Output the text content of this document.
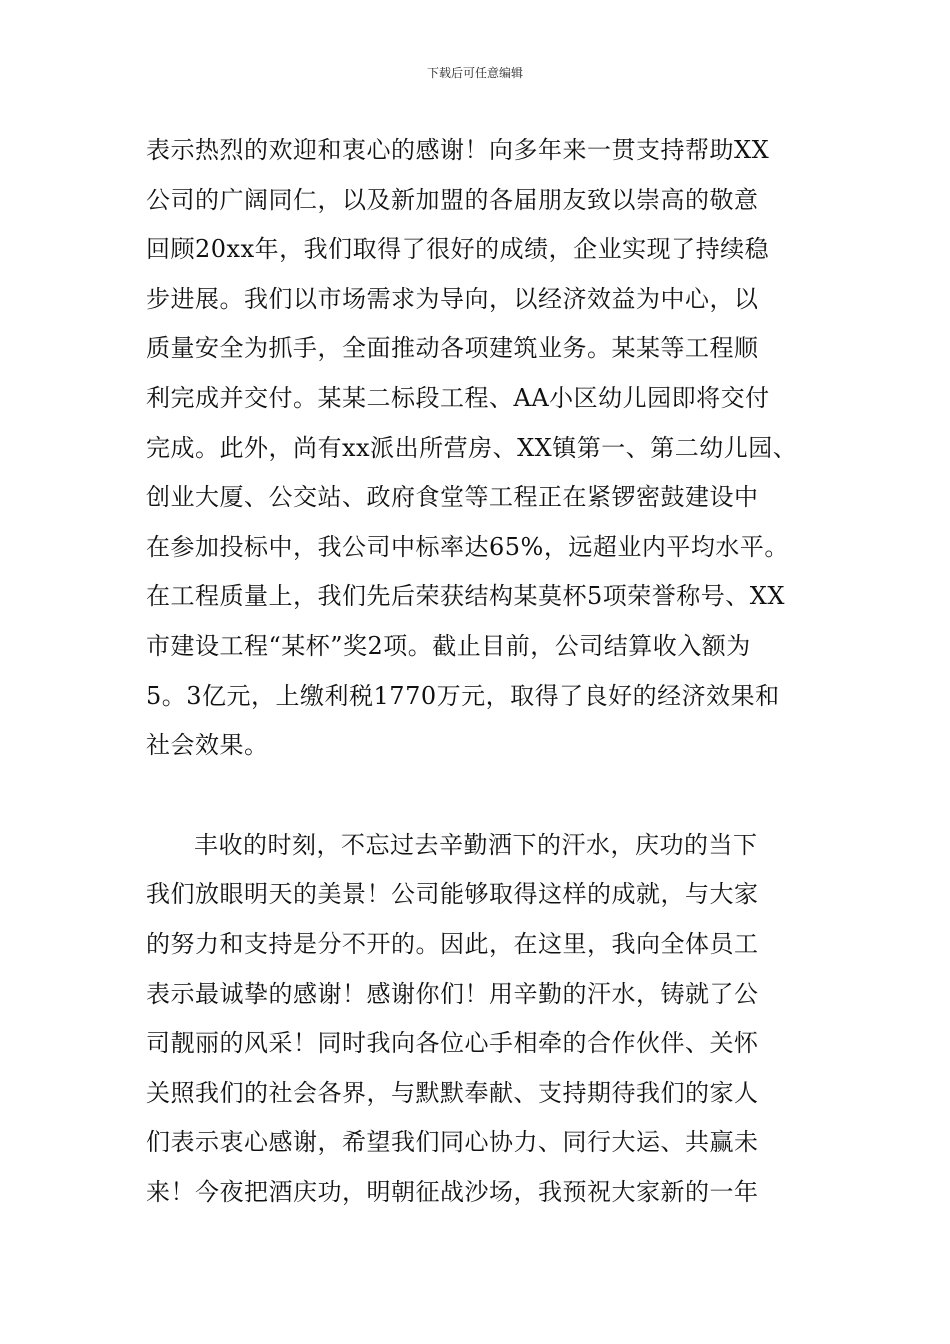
下载后可任意编辑
表示热烈的欢迎和衷心的感谢！向多年来一贯支持帮助XX
公司的广阔同仁，以及新加盟的各届朋友致以崇高的敬意
回顾20xx年，我们取得了很好的成绩，企业实现了持续稳
步进展。我们以市场需求为导向，以经济效益为中心，以
质量安全为抓手，全面推动各项建筑业务。某某等工程顺
利完成并交付。某某二标段工程、AA小区幼儿园即将交付
完成。此外，尚有xx派出所营房、XX镇第一、第二幼儿园、
创业大厦、公交站、政府食堂等工程正在紧锣密鼓建设中
在参加投标中，我公司中标率达65%，远超业内平均水平。
在工程质量上，我们先后荣获结构某莫杯5项荣誉称号、XX
市建设工程“某杯”奖2项。截止目前，公司结算收入额为
5。3亿元，上缴利税1770万元，取得了良好的经济效果和
社会效果。
丰收的时刻，不忘过去辛勤洒下的汗水，庆功的当下
我们放眼明天的美景！公司能够取得这样的成就，与大家
的努力和支持是分不开的。因此，在这里，我向全体员工
表示最诚挚的感谢！感谢你们！用辛勤的汗水，铸就了公
司靓丽的风采！同时我向各位心手相牵的合作伙伴、关怀
关照我们的社会各界，与默默奉献、支持期待我们的家人
们表示衷心感谢，希望我们同心协力、同行大运、共赢未
来！今夜把酒庆功，明朝征战沙场，我预祝大家新的一年
